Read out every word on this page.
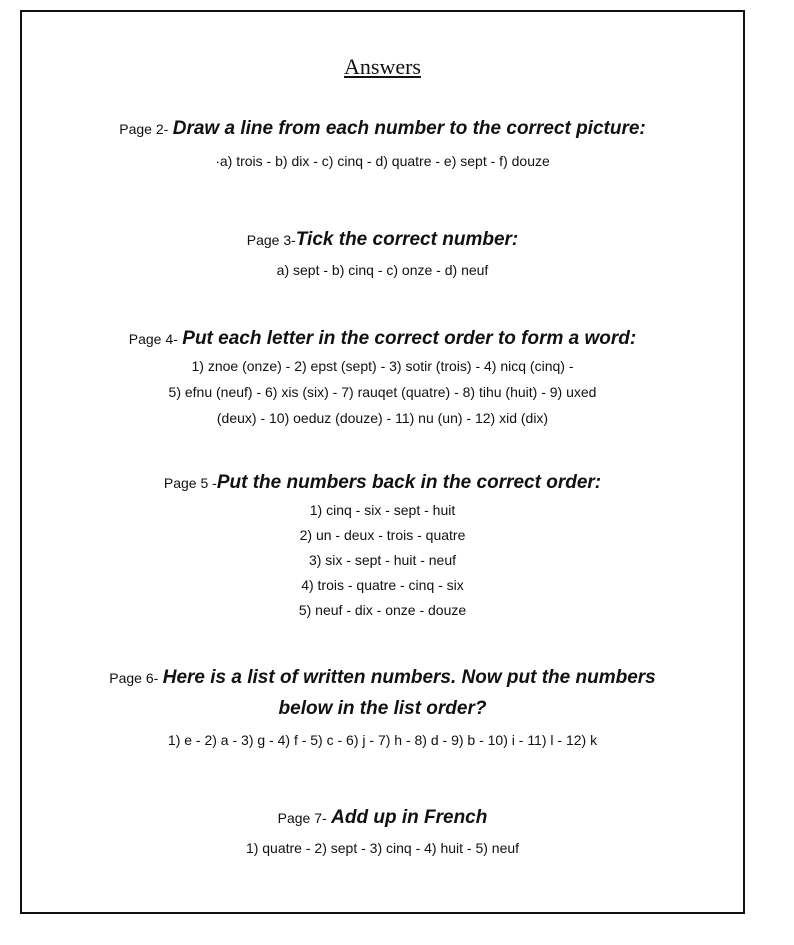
Answers
Page 2- Draw a line from each number to the correct picture:
·a) trois - b) dix - c) cinq - d) quatre - e) sept - f) douze
Page 3-Tick the correct number:
a) sept - b) cinq - c) onze - d) neuf
Page 4- Put each letter in the correct order to form a word:
1) znoe (onze) - 2) epst (sept) - 3) sotir (trois) - 4) nicq (cinq) -
5) efnu (neuf) - 6) xis (six) - 7) rauqet (quatre) - 8) tihu (huit) - 9) uxed
(deux) - 10) oeduz (douze) - 11) nu (un) - 12) xid (dix)
Page 5 -Put the numbers back in the correct order:
1) cinq - six - sept - huit
2) un - deux - trois - quatre
3) six - sept - huit - neuf
4) trois - quatre - cinq - six
5) neuf - dix - onze - douze
Page 6- Here is a list of written numbers. Now put the numbers
below in the list order?
1) e - 2) a - 3) g - 4) f - 5) c - 6) j - 7) h - 8) d - 9) b - 10) i - 11) l - 12) k
Page 7- Add up in French
1) quatre - 2) sept - 3) cinq - 4) huit - 5) neuf
